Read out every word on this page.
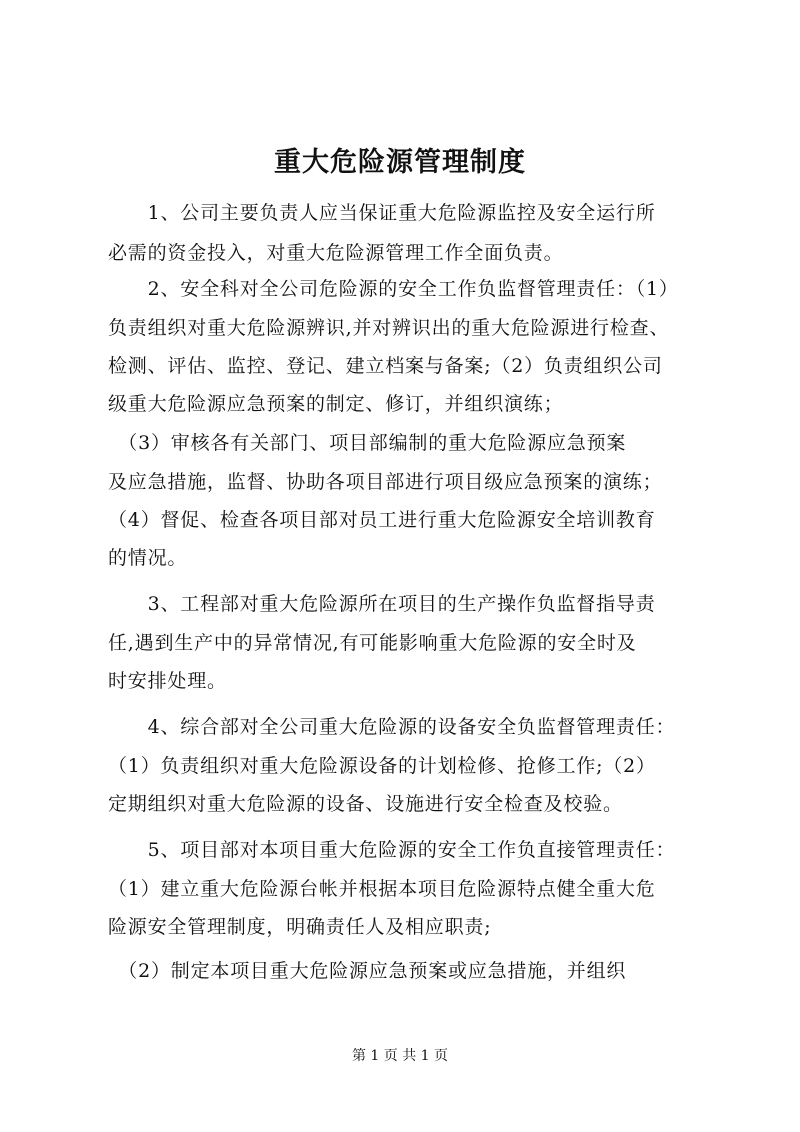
重大危险源管理制度

　　1、公司主要负责人应当保证重大危险源监控及安全运行所

必需的资金投入，对重大危险源管理工作全面负责。

　　2、安全科对全公司危险源的安全工作负监督管理责任：（1）

负责组织对重大危险源辨识,并对辨识出的重大危险源进行检查、

检测、评估、监控、登记、建立档案与备案;（2）负责组织公司

级重大危险源应急预案的制定、修订，并组织演练；

　（3）审核各有关部门、项目部编制的重大危险源应急预案

及应急措施，监督、协助各项目部进行项目级应急预案的演练；

（4）督促、检查各项目部对员工进行重大危险源安全培训教育

的情况。

　　3、工程部对重大危险源所在项目的生产操作负监督指导责

任,遇到生产中的异常情况,有可能影响重大危险源的安全时及

时安排处理。

　　4、综合部对全公司重大危险源的设备安全负监督管理责任：

（1）负责组织对重大危险源设备的计划检修、抢修工作;（2）

定期组织对重大危险源的设备、设施进行安全检查及校验。

　　5、项目部对本项目重大危险源的安全工作负直接管理责任：

（1）建立重大危险源台帐并根据本项目危险源特点健全重大危

险源安全管理制度，明确责任人及相应职责;

　（2）制定本项目重大危险源应急预案或应急措施，并组织

第 1 页 共 1 页
